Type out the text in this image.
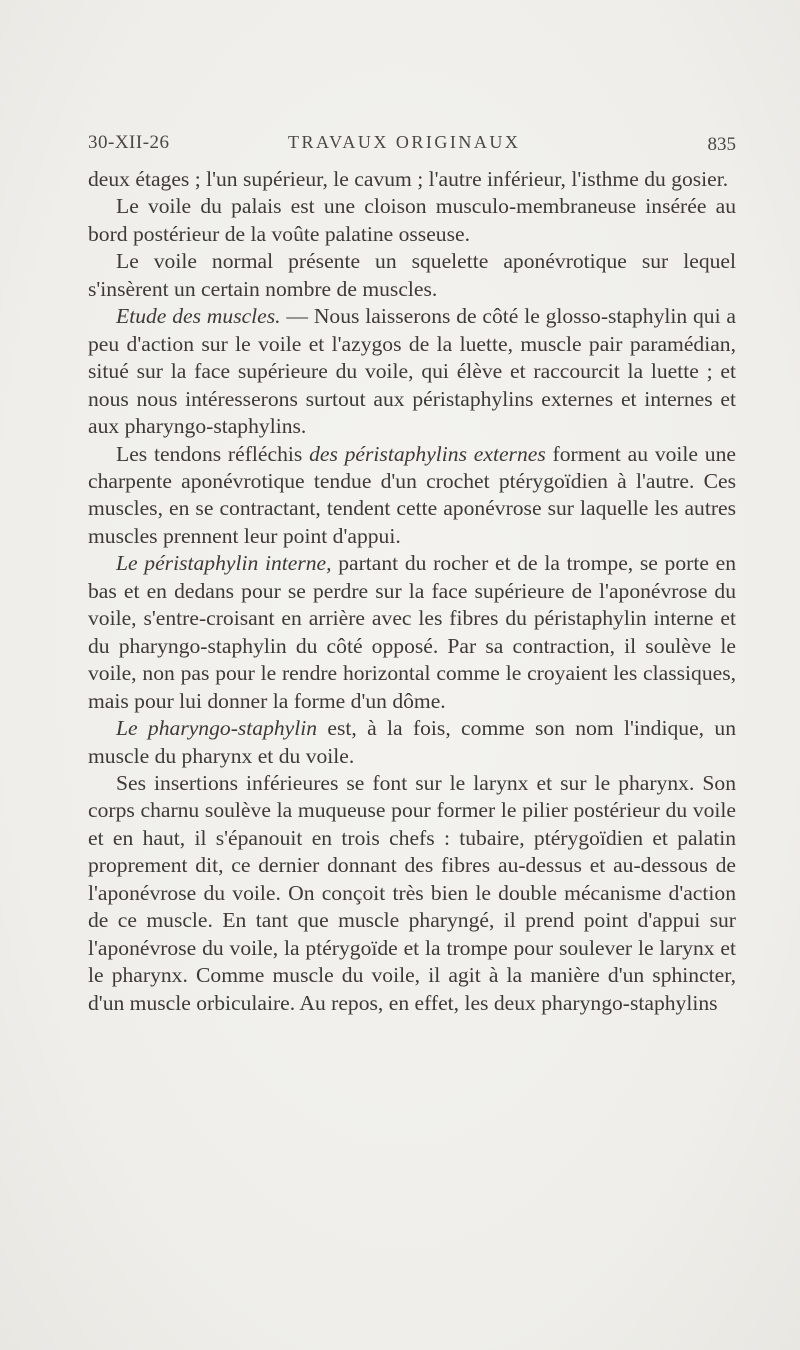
30-XII-26	TRAVAUX ORIGINAUX	835

deux étages ; l'un supérieur, le cavum ; l'autre inférieur, l'isthme du gosier.

Le voile du palais est une cloison musculo-membraneuse insérée au bord postérieur de la voûte palatine osseuse.

Le voile normal présente un squelette aponévrotique sur lequel s'insèrent un certain nombre de muscles.

Etude des muscles. — Nous laisserons de côté le glosso-staphylin qui a peu d'action sur le voile et l'azygos de la luette, muscle pair paramédian, situé sur la face supérieure du voile, qui élève et raccourcit la luette ; et nous nous intéresserons surtout aux péristaphylins externes et internes et aux pharyngo-staphylins.

Les tendons réfléchis des péristaphylins externes forment au voile une charpente aponévrotique tendue d'un crochet ptérygoïdien à l'autre. Ces muscles, en se contractant, tendent cette aponévrose sur laquelle les autres muscles prennent leur point d'appui.

Le péristaphylin interne, partant du rocher et de la trompe, se porte en bas et en dedans pour se perdre sur la face supérieure de l'aponévrose du voile, s'entre-croisant en arrière avec les fibres du péristaphylin interne et du pharyngo-staphylin du côté opposé. Par sa contraction, il soulève le voile, non pas pour le rendre horizontal comme le croyaient les classiques, mais pour lui donner la forme d'un dôme.

Le pharyngo-staphylin est, à la fois, comme son nom l'indique, un muscle du pharynx et du voile.

Ses insertions inférieures se font sur le larynx et sur le pharynx. Son corps charnu soulève la muqueuse pour former le pilier postérieur du voile et en haut, il s'épanouit en trois chefs : tubaire, ptérygoïdien et palatin proprement dit, ce dernier donnant des fibres au-dessus et au-dessous de l'aponévrose du voile. On conçoit très bien le double mécanisme d'action de ce muscle. En tant que muscle pharyngé, il prend point d'appui sur l'aponévrose du voile, la ptérygoïde et la trompe pour soulever le larynx et le pharynx. Comme muscle du voile, il agit à la manière d'un sphincter, d'un muscle orbiculaire. Au repos, en effet, les deux pharyngo-staphylins
